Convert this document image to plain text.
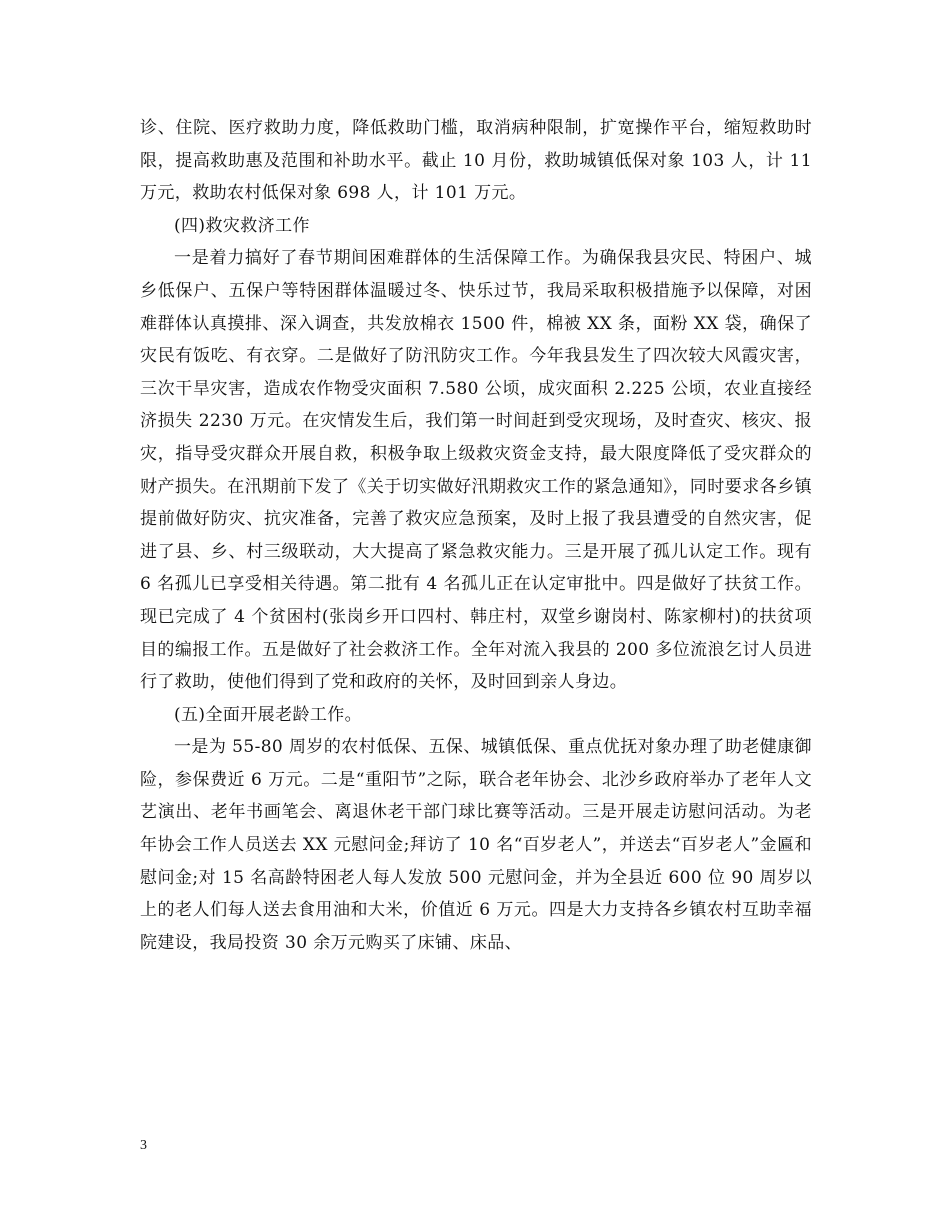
诊、住院、医疗救助力度，降低救助门槛，取消病种限制，扩宽操作平台，缩短救助时限，提高救助惠及范围和补助水平。截止 10 月份，救助城镇低保对象 103 人，计 11 万元，救助农村低保对象 698 人，计 101 万元。

(四)救灾救济工作

一是着力搞好了春节期间困难群体的生活保障工作。为确保我县灾民、特困户、城乡低保户、五保户等特困群体温暖过冬、快乐过节，我局采取积极措施予以保障，对困难群体认真摸排、深入调查，共发放棉衣 1500 件，棉被 XX 条，面粉 XX 袋，确保了灾民有饭吃、有衣穿。二是做好了防汛防灾工作。今年我县发生了四次较大风霞灾害，三次干旱灾害，造成农作物受灾面积 7.580 公顷，成灾面积 2.225 公顷，农业直接经济损失 2230 万元。在灾情发生后，我们第一时间赶到受灾现场，及时查灾、核灾、报灾，指导受灾群众开展自救，积极争取上级救灾资金支持，最大限度降低了受灾群众的财产损失。在汛期前下发了《关于切实做好汛期救灾工作的紧急通知》，同时要求各乡镇提前做好防灾、抗灾准备，完善了救灾应急预案，及时上报了我县遭受的自然灾害，促进了县、乡、村三级联动，大大提高了紧急救灾能力。三是开展了孤儿认定工作。现有 6 名孤儿已享受相关待遇。第二批有 4 名孤儿正在认定审批中。四是做好了扶贫工作。现已完成了 4 个贫困村(张岗乡开口四村、韩庄村，双堂乡谢岗村、陈家柳村)的扶贫项目的编报工作。五是做好了社会救济工作。全年对流入我县的 200 多位流浪乞讨人员进行了救助，使他们得到了党和政府的关怀，及时回到亲人身边。

(五)全面开展老龄工作。

一是为 55-80 周岁的农村低保、五保、城镇低保、重点优抚对象办理了助老健康御险，参保费近 6 万元。二是“重阳节”之际，联合老年协会、北沙乡政府举办了老年人文艺演出、老年书画笔会、离退休老干部门球比赛等活动。三是开展走访慰问活动。为老年协会工作人员送去 XX 元慰问金;拜访了 10 名“百岁老人”，并送去“百岁老人”金匾和慰问金;对 15 名高龄特困老人每人发放 500 元慰问金，并为全县近 600 位 90 周岁以上的老人们每人送去食用油和大米，价值近 6 万元。四是大力支持各乡镇农村互助幸福院建设，我局投资 30 余万元购买了床铺、床品、

3
